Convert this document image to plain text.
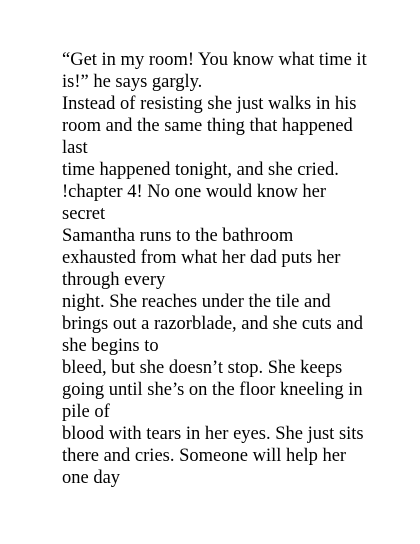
“Get in my room! You know what time it
is!” he says gargly.
Instead of resisting she just walks in his
room and the same thing that happened
last
time happened tonight, and she cried.
!chapter 4! No one would know her
secret
Samantha runs to the bathroom
exhausted from what her dad puts her
through every
night. She reaches under the tile and
brings out a razorblade, and she cuts and
she begins to
bleed, but she doesn’t stop. She keeps
going until she’s on the floor kneeling in
pile of
blood with tears in her eyes. She just sits
there and cries. Someone will help her
one day
